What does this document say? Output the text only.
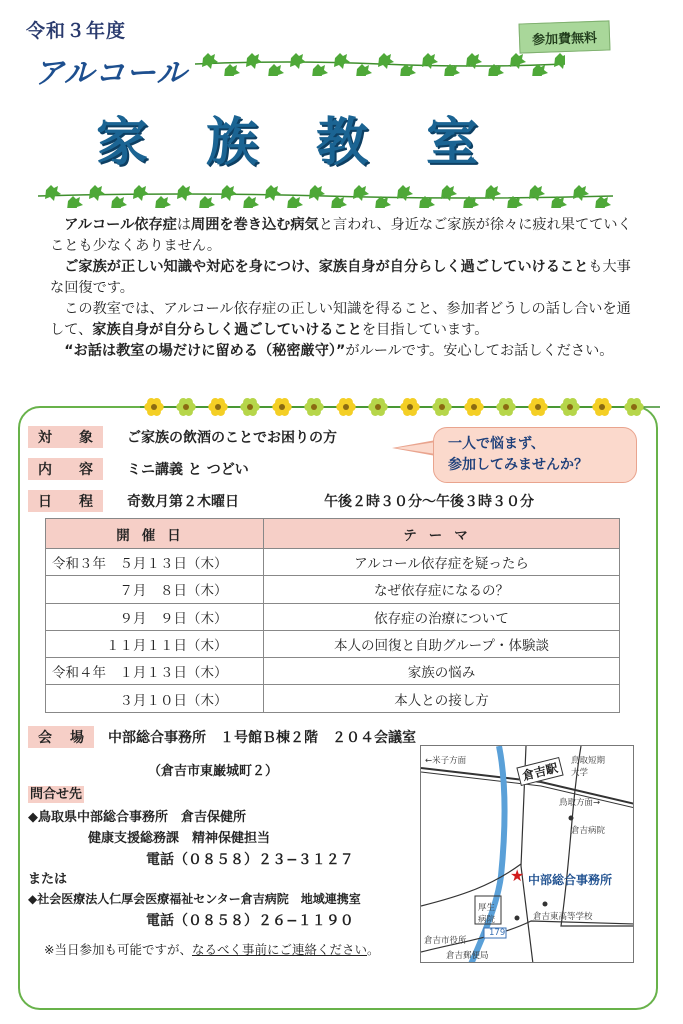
令和３年度	参加費無料
アルコール
家族教室

アルコール依存症は周囲を巻き込む病気と言われ、身近なご家族が徐々に疲れ果てていくことも少なくありません。

ご家族が正しい知識や対応を身につけ、家族自身が自分らしく過ごしていけることも大事な回復です。

この教室では、アルコール依存症の正しい知識を得ること、参加者どうしの話し合いを通して、家族自身が自分らしく過ごしていけることを目指しています。

“お話は教室の場だけに留める（秘密厳守）”がルールです。安心してお話しください。

対 象 ご家族の飲酒のことでお困りの方
内 容 ミニ講義 と つどい
日 程 奇数月第２木曜日	午後２時３０分～午後３時３０分
一人で悩まず、
参加してみませんか？
開催日	テーマ
令和３年　５月１３日（木）	アルコール依存症を疑ったら
　　　　　７月　８日（木）	なぜ依存症になるの？
　　　　　９月　９日（木）	依存症の治療について
　　　　１１月１１日（木）	本人の回復と自助グループ・体験談
令和４年　１月１３日（木）	家族の悩み
　　　　　３月１０日（木）	本人との接し方
会 場 中部総合事務所　１号館Ｂ棟２階　２０４会議室
（倉吉市東巌城町２）
問合せ先
◆鳥取県中部総合事務所　倉吉保健所
健康支援総務課　精神保健担当
電話（０８５８）２３−３１２７
または
◆社会医療法人仁厚会医療福祉センター倉吉病院　地域連携室
電話（０８５８）２６−１１９０
※当日参加も可能ですが、なるべく事前にご連絡ください。
←米子方面	鳥取短期大学
鳥取方面→
倉吉病院
厚生病院	倉吉東高等学校
倉吉市役所
倉吉郵便局
179
倉吉駅
★ 中部総合事務所
